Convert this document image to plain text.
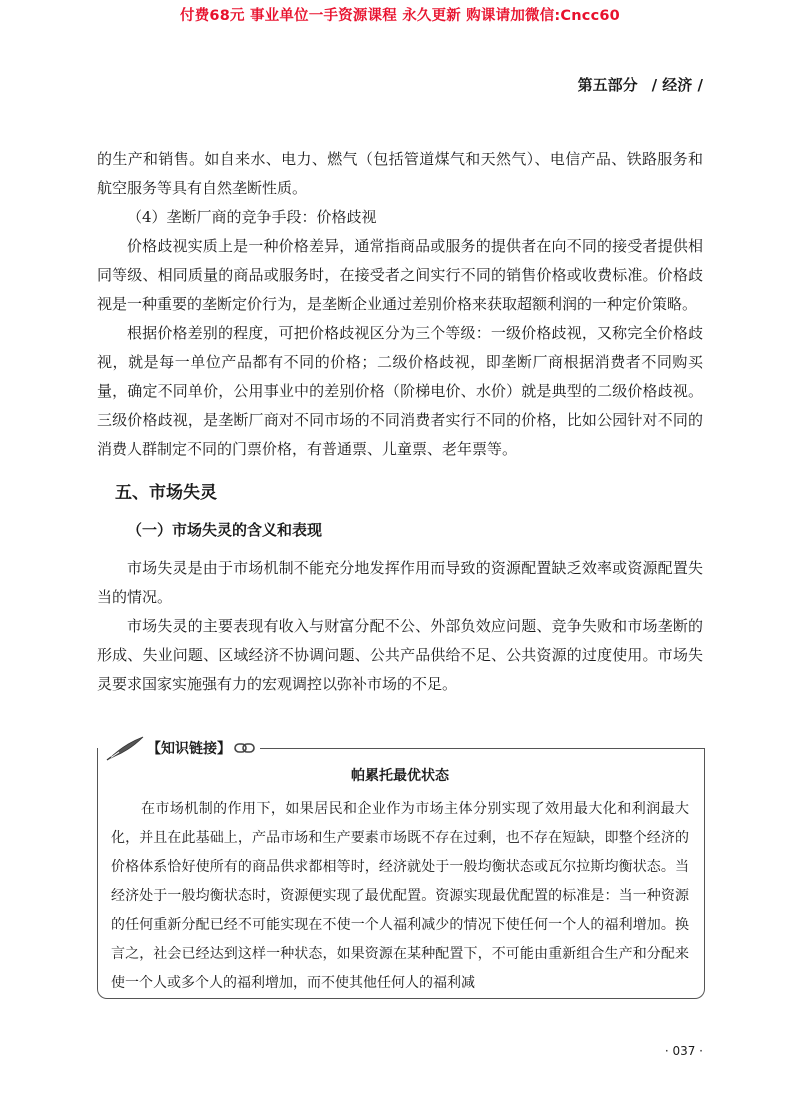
付费68元 事业单位一手资源课程 永久更新 购课请加微信:Cncc60
第五部分 / 经济 /

的生产和销售。如自来水、电力、燃气（包括管道煤气和天然气）、电信产品、铁路服务和航空服务等具有自然垄断性质。

（4）垄断厂商的竞争手段：价格歧视

价格歧视实质上是一种价格差异，通常指商品或服务的提供者在向不同的接受者提供相同等级、相同质量的商品或服务时，在接受者之间实行不同的销售价格或收费标准。价格歧视是一种重要的垄断定价行为，是垄断企业通过差别价格来获取超额利润的一种定价策略。

根据价格差别的程度，可把价格歧视区分为三个等级：一级价格歧视，又称完全价格歧视，就是每一单位产品都有不同的价格；二级价格歧视，即垄断厂商根据消费者不同购买量，确定不同单价，公用事业中的差别价格（阶梯电价、水价）就是典型的二级价格歧视。三级价格歧视，是垄断厂商对不同市场的不同消费者实行不同的价格，比如公园针对不同的消费人群制定不同的门票价格，有普通票、儿童票、老年票等。

五、市场失灵
（一）市场失灵的含义和表现

市场失灵是由于市场机制不能充分地发挥作用而导致的资源配置缺乏效率或资源配置失当的情况。

市场失灵的主要表现有收入与财富分配不公、外部负效应问题、竞争失败和市场垄断的形成、失业问题、区域经济不协调问题、公共产品供给不足、公共资源的过度使用。市场失灵要求国家实施强有力的宏观调控以弥补市场的不足。

【知识链接】
帕累托最优状态

在市场机制的作用下，如果居民和企业作为市场主体分别实现了效用最大化和利润最大化，并且在此基础上，产品市场和生产要素市场既不存在过剩，也不存在短缺，即整个经济的价格体系恰好使所有的商品供求都相等时，经济就处于一般均衡状态或瓦尔拉斯均衡状态。当经济处于一般均衡状态时，资源便实现了最优配置。资源实现最优配置的标准是：当一种资源的任何重新分配已经不可能实现在不使一个人福利减少的情况下使任何一个人的福利增加。换言之，社会已经达到这样一种状态，如果资源在某种配置下，不可能由重新组合生产和分配来使一个人或多个人的福利增加，而不使其他任何人的福利减

· 037 ·
